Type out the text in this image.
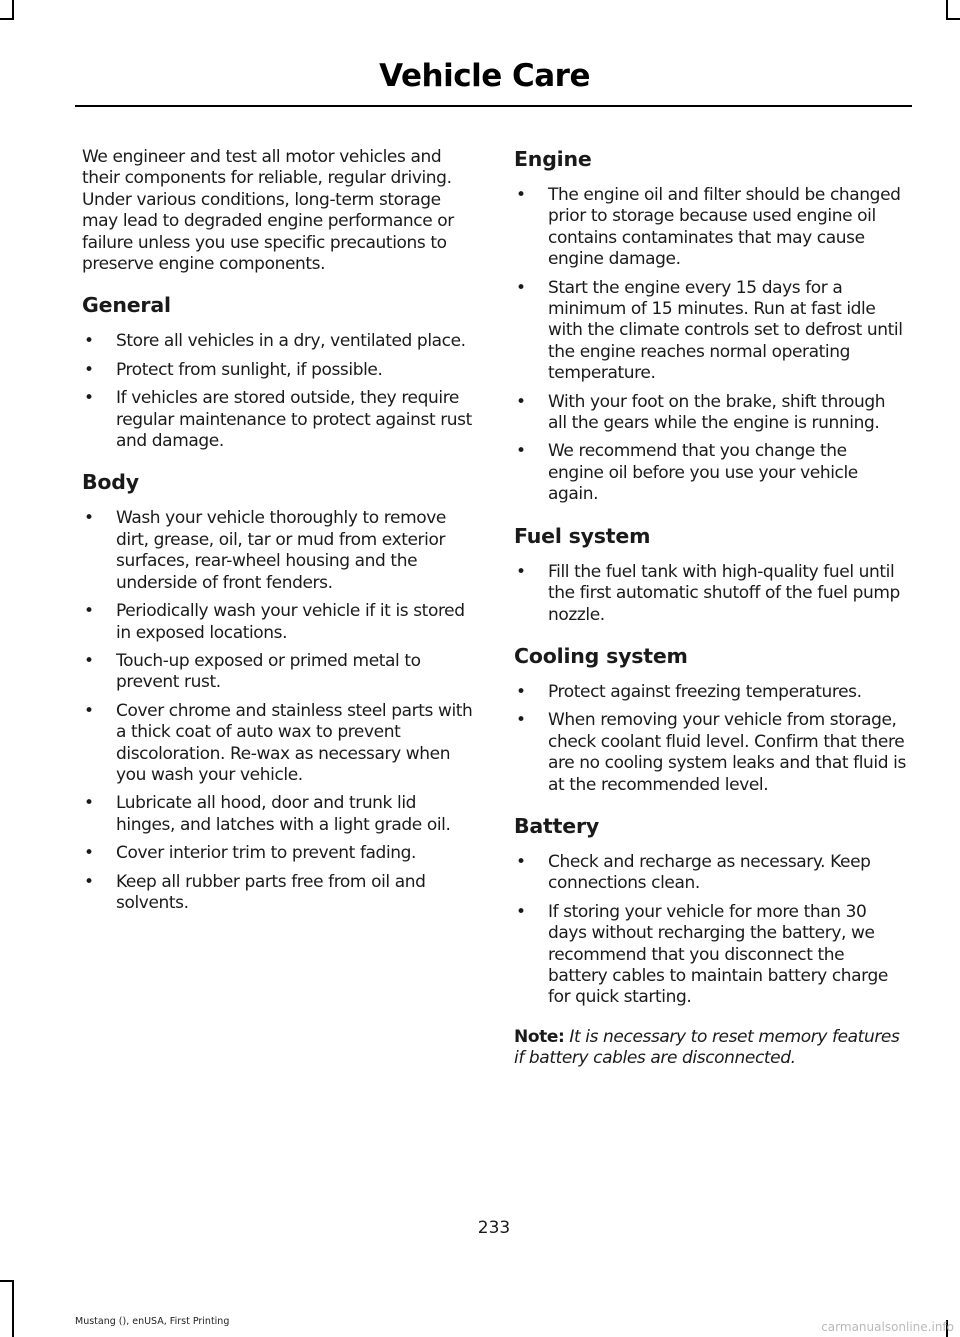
Vehicle Care

We engineer and test all motor vehicles and their components for reliable, regular driving. Under various conditions, long-term storage may lead to degraded engine performance or failure unless you use specific precautions to preserve engine components.

General
• Store all vehicles in a dry, ventilated place.
• Protect from sunlight, if possible.
• If vehicles are stored outside, they require regular maintenance to protect against rust and damage.
Body
• Wash your vehicle thoroughly to remove dirt, grease, oil, tar or mud from exterior surfaces, rear-wheel housing and the underside of front fenders.
• Periodically wash your vehicle if it is stored in exposed locations.
• Touch-up exposed or primed metal to prevent rust.
• Cover chrome and stainless steel parts with a thick coat of auto wax to prevent discoloration. Re-wax as necessary when you wash your vehicle.
• Lubricate all hood, door and trunk lid hinges, and latches with a light grade oil.
• Cover interior trim to prevent fading.
• Keep all rubber parts free from oil and solvents.
Engine
• The engine oil and filter should be changed prior to storage because used engine oil contains contaminates that may cause engine damage.
• Start the engine every 15 days for a minimum of 15 minutes. Run at fast idle with the climate controls set to defrost until the engine reaches normal operating temperature.
• With your foot on the brake, shift through all the gears while the engine is running.
• We recommend that you change the engine oil before you use your vehicle again.
Fuel system
• Fill the fuel tank with high-quality fuel until the first automatic shutoff of the fuel pump nozzle.
Cooling system
• Protect against freezing temperatures.
• When removing your vehicle from storage, check coolant fluid level. Confirm that there are no cooling system leaks and that fluid is at the recommended level.
Battery
• Check and recharge as necessary. Keep connections clean.
• If storing your vehicle for more than 30 days without recharging the battery, we recommend that you disconnect the battery cables to maintain battery charge for quick starting.

Note: It is necessary to reset memory features if battery cables are disconnected.

233
Mustang (), enUSA, First Printing	carmanualsonline.info
